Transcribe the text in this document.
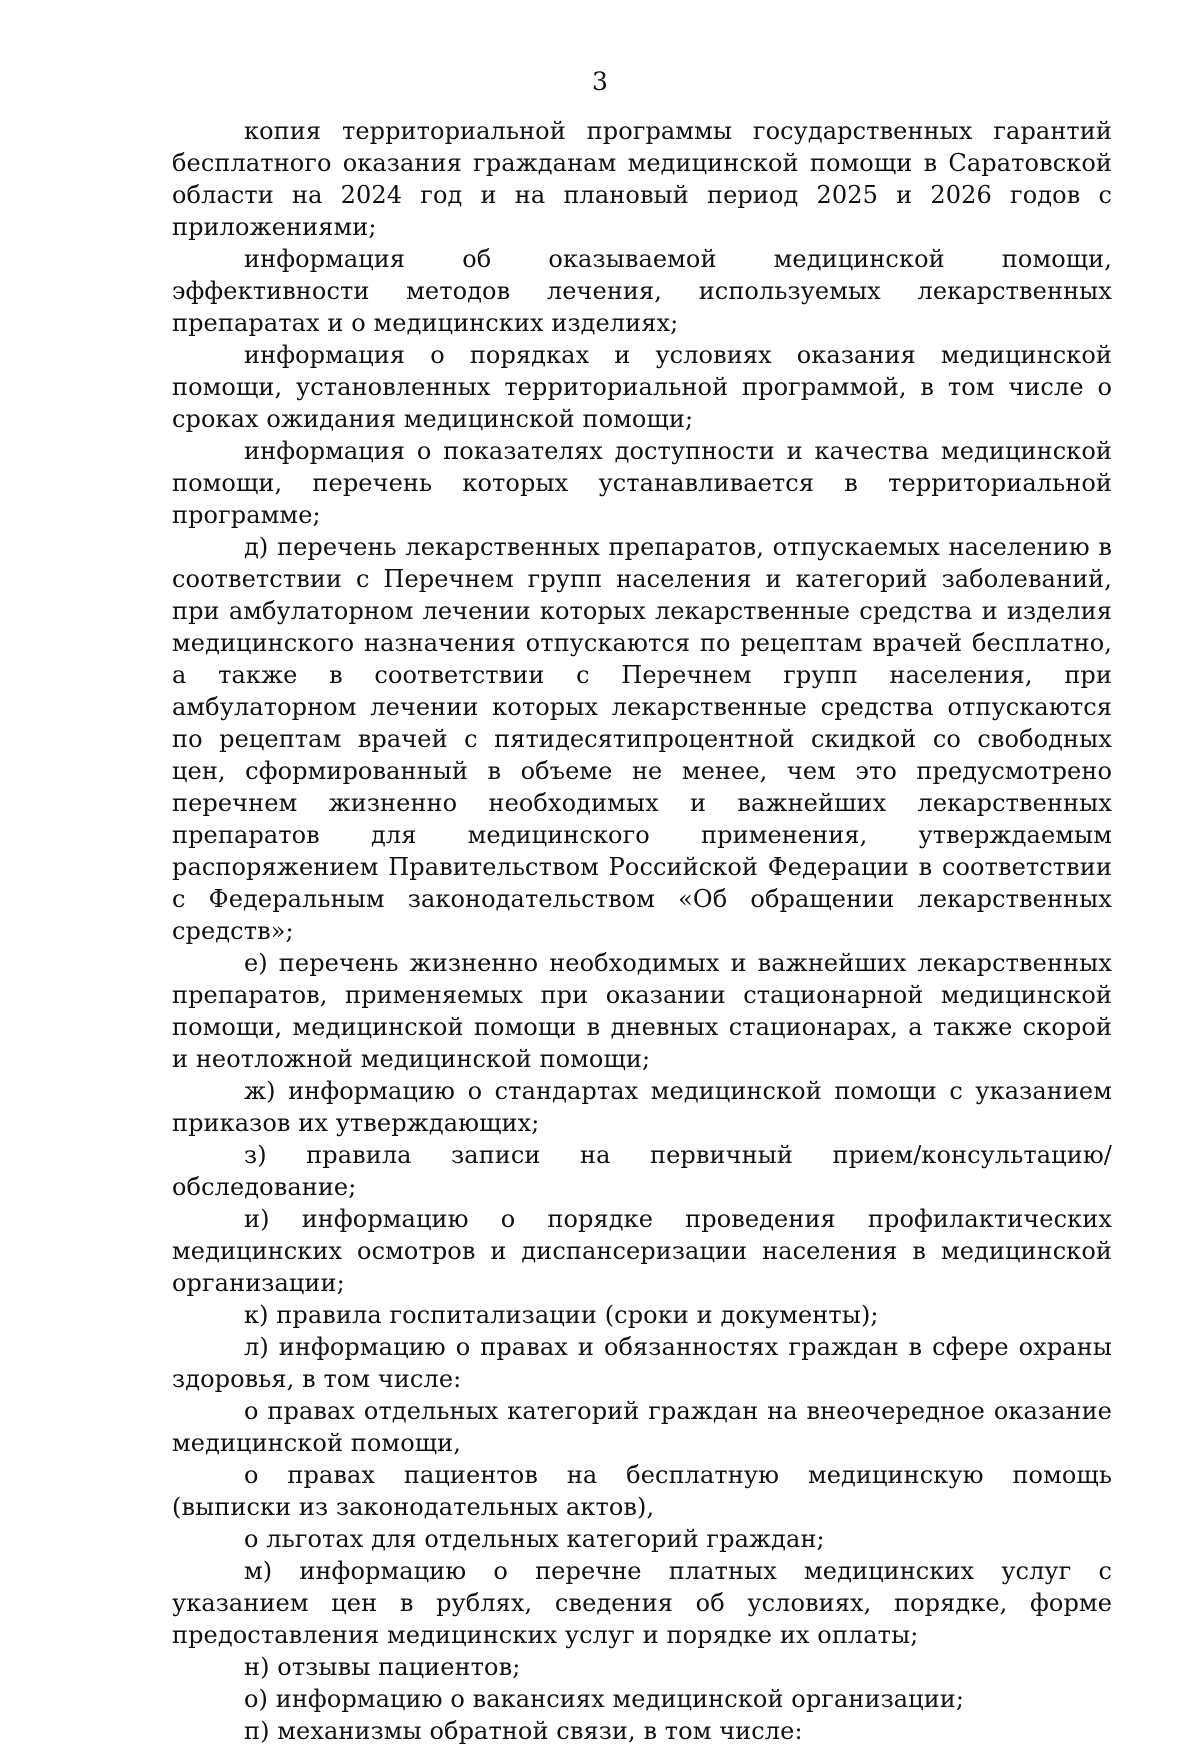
3

копия территориальной программы государственных гарантий бесплатного оказания гражданам медицинской помощи в Саратовской области на 2024 год и на плановый период 2025 и 2026 годов с приложениями;

информация об оказываемой медицинской помощи, эффективности методов лечения, используемых лекарственных препаратах и о медицинских изделиях;

информация о порядках и условиях оказания медицинской помощи, установленных территориальной программой, в том числе о сроках ожидания медицинской помощи;

информация о показателях доступности и качества медицинской помощи, перечень которых устанавливается в территориальной программе;

д) перечень лекарственных препаратов, отпускаемых населению в соответствии с Перечнем групп населения и категорий заболеваний, при амбулаторном лечении которых лекарственные средства и изделия медицинского назначения отпускаются по рецептам врачей бесплатно, а также в соответствии с Перечнем групп населения, при амбулаторном лечении которых лекарственные средства отпускаются по рецептам врачей с пятидесятипроцентной скидкой со свободных цен, сформированный в объеме не менее, чем это предусмотрено перечнем жизненно необходимых и важнейших лекарственных препаратов для медицинского применения, утверждаемым распоряжением Правительством Российской Федерации в соответствии с Федеральным законодательством «Об обращении лекарственных средств»;

е) перечень жизненно необходимых и важнейших лекарственных препаратов, применяемых при оказании стационарной медицинской помощи, медицинской помощи в дневных стационарах, а также скорой и неотложной медицинской помощи;

ж) информацию о стандартах медицинской помощи с указанием приказов их утверждающих;

з) правила записи на первичный прием/консультацию/обследование;

и) информацию о порядке проведения профилактических медицинских осмотров и диспансеризации населения в медицинской организации;

к) правила госпитализации (сроки и документы);

л) информацию о правах и обязанностях граждан в сфере охраны здоровья, в том числе:

о правах отдельных категорий граждан на внеочередное оказание медицинской помощи,

о правах пациентов на бесплатную медицинскую помощь (выписки из законодательных актов),

о льготах для отдельных категорий граждан;

м) информацию о перечне платных медицинских услуг с указанием цен в рублях, сведения об условиях, порядке, форме предоставления медицинских услуг и порядке их оплаты;

н) отзывы пациентов;

о) информацию о вакансиях медицинской организации;

п) механизмы обратной связи, в том числе:
